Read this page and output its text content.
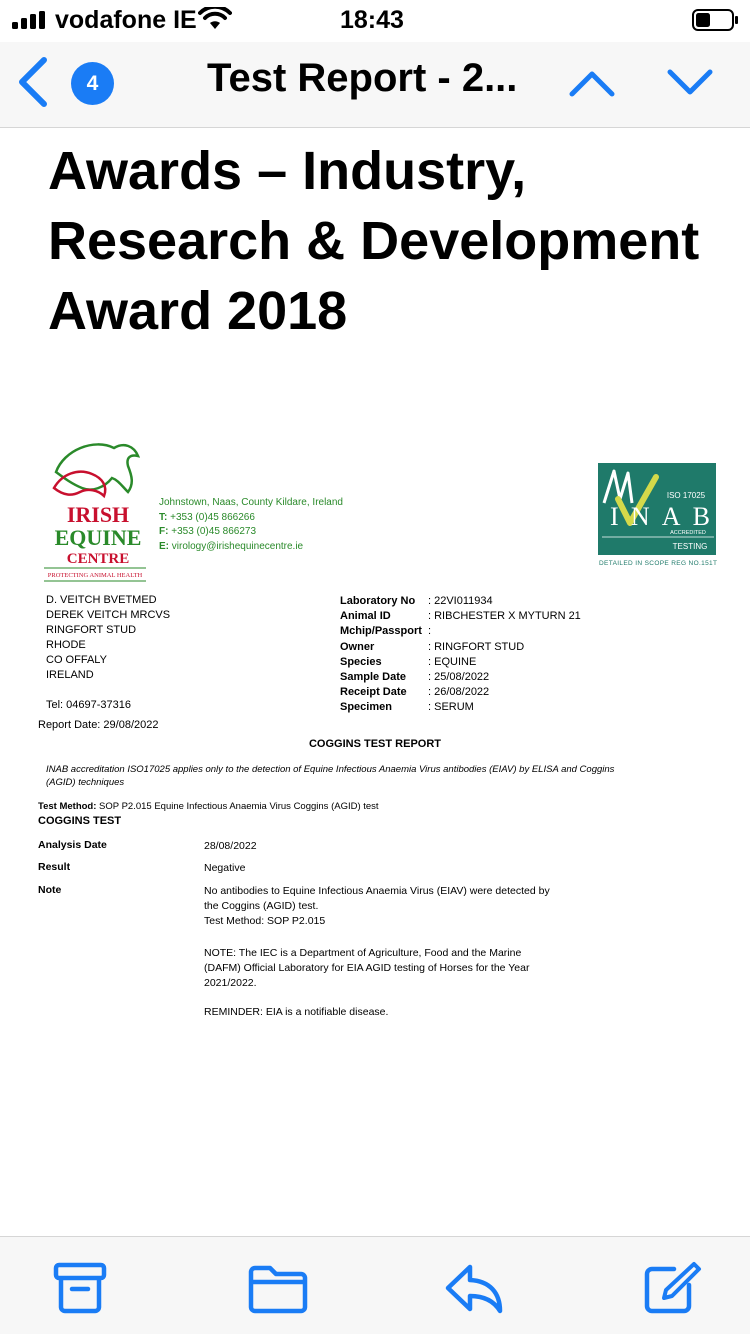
vodafone IE	18:43
4	Test Report - 2...
Awards – Industry,
Research & Development
Award 2018
IRISH
EQUINE
CENTRE
PROTECTING ANIMAL HEALTH
Johnstown, Naas, County Kildare, Ireland
T: +353 (0)45 866266
F: +353 (0)45 866273
E: virology@irishequinecentre.ie
ISO 17025
INAB
ACCREDITED
TESTING
DETAILED IN SCOPE REG NO.151T
D. VEITCH BVETMED
DEREK VEITCH MRCVS
RINGFORT STUD
RHODE
CO OFFALY
IRELAND
Tel: 04697-37316
Report Date: 29/08/2022
Laboratory No	: 22VI011934
Animal ID	: RIBCHESTER X MYTURN 21
Mchip/Passport :
Owner	: RINGFORT STUD
Species	: EQUINE
Sample Date	: 25/08/2022
Receipt Date	: 26/08/2022
Specimen	: SERUM
COGGINS TEST REPORT
INAB accreditation ISO17025 applies only to the detection of Equine Infectious Anaemia Virus antibodies (EIAV) by ELISA and Coggins (AGID) techniques
Test Method: SOP P2.015 Equine Infectious Anaemia Virus Coggins (AGID) test
COGGINS TEST
Analysis Date	28/08/2022
Result	Negative
Note	No antibodies to Equine Infectious Anaemia Virus (EIAV) were detected by
the Coggins (AGID) test.
Test Method: SOP P2.015
NOTE: The IEC is a Department of Agriculture, Food and the Marine
(DAFM) Official Laboratory for EIA AGID testing of Horses for the Year
2021/2022.
REMINDER: EIA is a notifiable disease.
